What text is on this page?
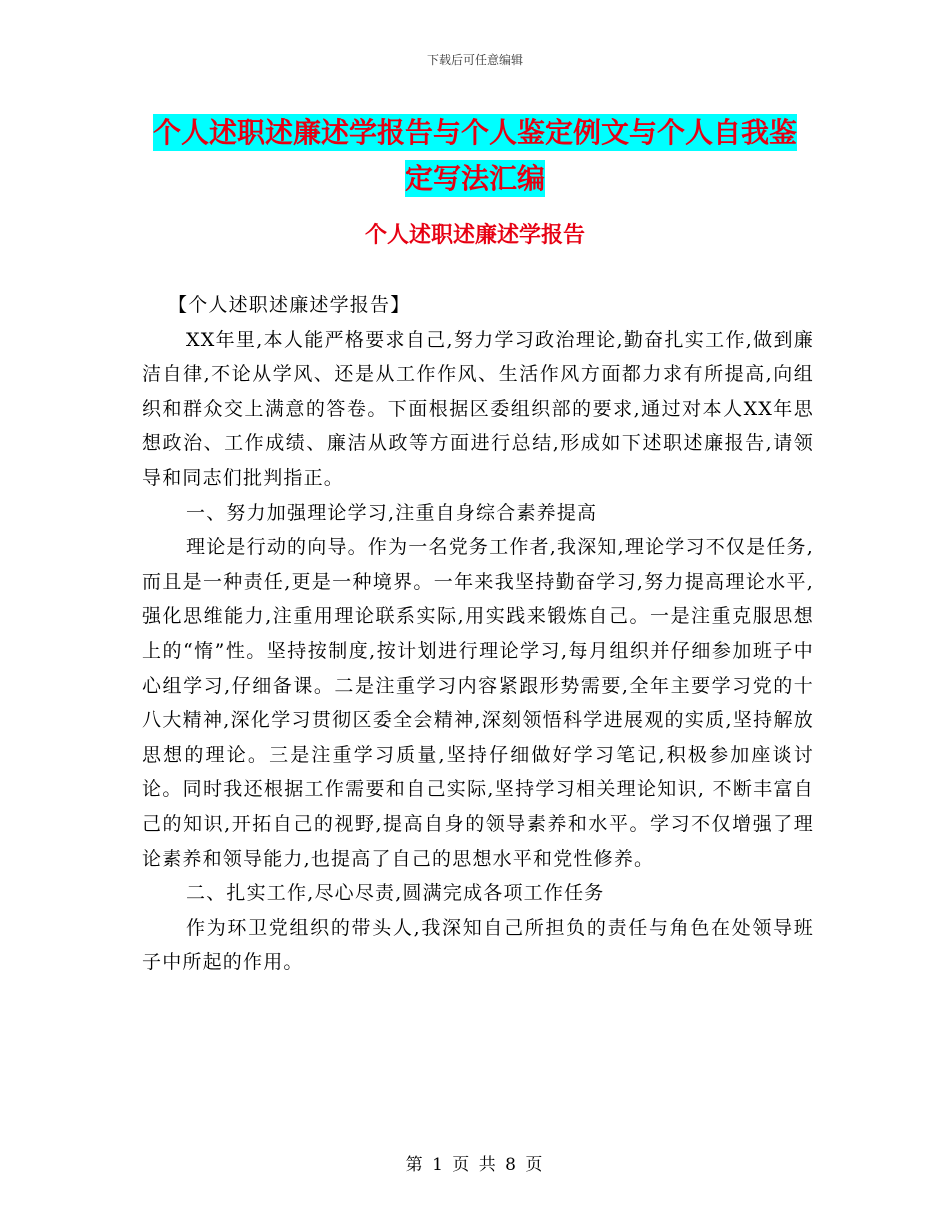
下载后可任意编辑
个人述职述廉述学报告与个人鉴定例文与个人自我鉴
定写法汇编
个人述职述廉述学报告

【个人述职述廉述学报告】

XX年里,本人能严格要求自己,努力学习政治理论,勤奋扎实工作,做到廉洁自律,不论从学风、还是从工作作风、生活作风方面都力求有所提高,向组织和群众交上满意的答卷。下面根据区委组织部的要求,通过对本人XX年思想政治、工作成绩、廉洁从政等方面进行总结,形成如下述职述廉报告,请领导和同志们批判指正。

一、努力加强理论学习,注重自身综合素养提高

理论是行动的向导。作为一名党务工作者,我深知,理论学习不仅是任务,而且是一种责任,更是一种境界。一年来我坚持勤奋学习,努力提高理论水平,强化思维能力,注重用理论联系实际,用实践来锻炼自己。一是注重克服思想上的“惰”性。坚持按制度,按计划进行理论学习,每月组织并仔细参加班子中心组学习,仔细备课。二是注重学习内容紧跟形势需要,全年主要学习党的十八大精神,深化学习贯彻区委全会精神,深刻领悟科学进展观的实质,坚持解放思想的理论。三是注重学习质量,坚持仔细做好学习笔记,积极参加座谈讨论。同时我还根据工作需要和自己实际,坚持学习相关理论知识, 不断丰富自己的知识,开拓自己的视野,提高自身的领导素养和水平。学习不仅增强了理论素养和领导能力,也提高了自己的思想水平和党性修养。

二、扎实工作,尽心尽责,圆满完成各项工作任务

作为环卫党组织的带头人,我深知自己所担负的责任与角色在处领导班子中所起的作用。

第 1 页 共 8 页
